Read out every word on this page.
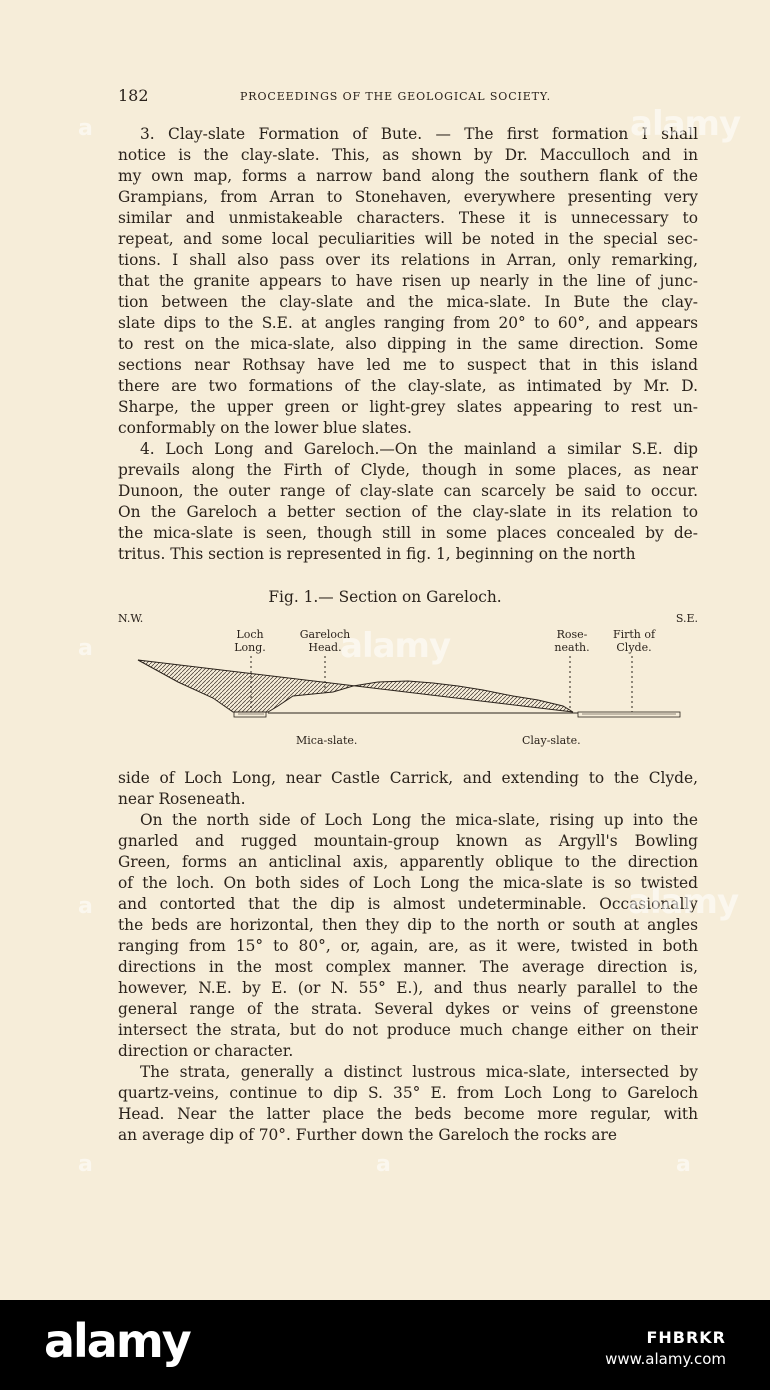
182	PROCEEDINGS OF THE GEOLOGICAL SOCIETY.
3. Clay-slate Formation of Bute. — The first formation I shall
notice is the clay-slate. This, as shown by Dr. Macculloch and in
my own map, forms a narrow band along the southern flank of the
Grampians, from Arran to Stonehaven, everywhere presenting very
similar and unmistakeable characters. These it is unnecessary to
repeat, and some local peculiarities will be noted in the special sec-
tions. I shall also pass over its relations in Arran, only remarking,
that the granite appears to have risen up nearly in the line of junc-
tion between the clay-slate and the mica-slate. In Bute the clay-
slate dips to the S.E. at angles ranging from 20° to 60°, and appears
to rest on the mica-slate, also dipping in the same direction. Some
sections near Rothsay have led me to suspect that in this island
there are two formations of the clay-slate, as intimated by Mr. D.
Sharpe, the upper green or light-grey slates appearing to rest un-
conformably on the lower blue slates.
4. Loch Long and Gareloch.—On the mainland a similar S.E. dip
prevails along the Firth of Clyde, though in some places, as near
Dunoon, the outer range of clay-slate can scarcely be said to occur.
On the Gareloch a better section of the clay-slate in its relation to
the mica-slate is seen, though still in some places concealed by de-
tritus. This section is represented in fig. 1, beginning on the north
Fig. 1.— Section on Gareloch.
N.W.	S.E.
Loch
Long.
Gareloch
Head.
Rose-
neath.
Firth of
Clyde.
Mica-slate.	Clay-slate.
side of Loch Long, near Castle Carrick, and extending to the Clyde,
near Roseneath.
On the north side of Loch Long the mica-slate, rising up into the
gnarled and rugged mountain-group known as Argyll's Bowling
Green, forms an anticlinal axis, apparently oblique to the direction
of the loch. On both sides of Loch Long the mica-slate is so twisted
and contorted that the dip is almost undeterminable. Occasionally
the beds are horizontal, then they dip to the north or south at angles
ranging from 15° to 80°, or, again, are, as it were, twisted in both
directions in the most complex manner. The average direction is,
however, N.E. by E. (or N. 55° E.), and thus nearly parallel to the
general range of the strata. Several dykes or veins of greenstone
intersect the strata, but do not produce much change either on their
direction or character.
The strata, generally a distinct lustrous mica-slate, intersected by
quartz-veins, continue to dip S. 35° E. from Loch Long to Gareloch
Head. Near the latter place the beds become more regular, with
an average dip of 70°. Further down the Gareloch the rocks are
alamy
alamy
alamy
a
a
a
a	a
a
alamy	FHBRKR
www.alamy.com
